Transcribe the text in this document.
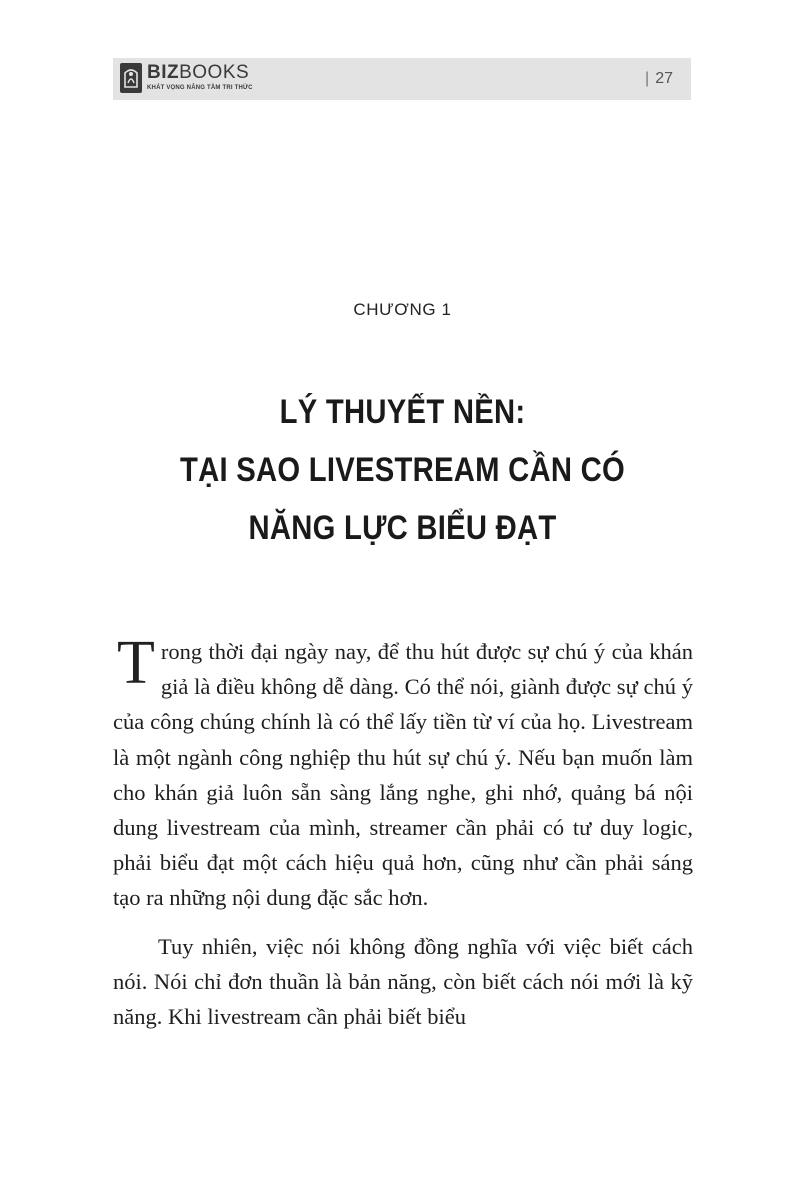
BIZBOOKS
KHÁT VỌNG NÂNG TẦM TRI THỨC
| 27
CHƯƠNG 1
LÝ THUYẾT NỀN:
TẠI SAO LIVESTREAM CẦN CÓ
NĂNG LỰC BIỂU ĐẠT

Trong thời đại ngày nay, để thu hút được sự chú ý của khán giả là điều không dễ dàng. Có thể nói, giành được sự chú ý của công chúng chính là có thể lấy tiền từ ví của họ. Livestream là một ngành công nghiệp thu hút sự chú ý. Nếu bạn muốn làm cho khán giả luôn sẵn sàng lắng nghe, ghi nhớ, quảng bá nội dung livestream của mình, streamer cần phải có tư duy logic, phải biểu đạt một cách hiệu quả hơn, cũng như cần phải sáng tạo ra những nội dung đặc sắc hơn.

Tuy nhiên, việc nói không đồng nghĩa với việc biết cách nói. Nói chỉ đơn thuần là bản năng, còn biết cách nói mới là kỹ năng. Khi livestream cần phải biết biểu
